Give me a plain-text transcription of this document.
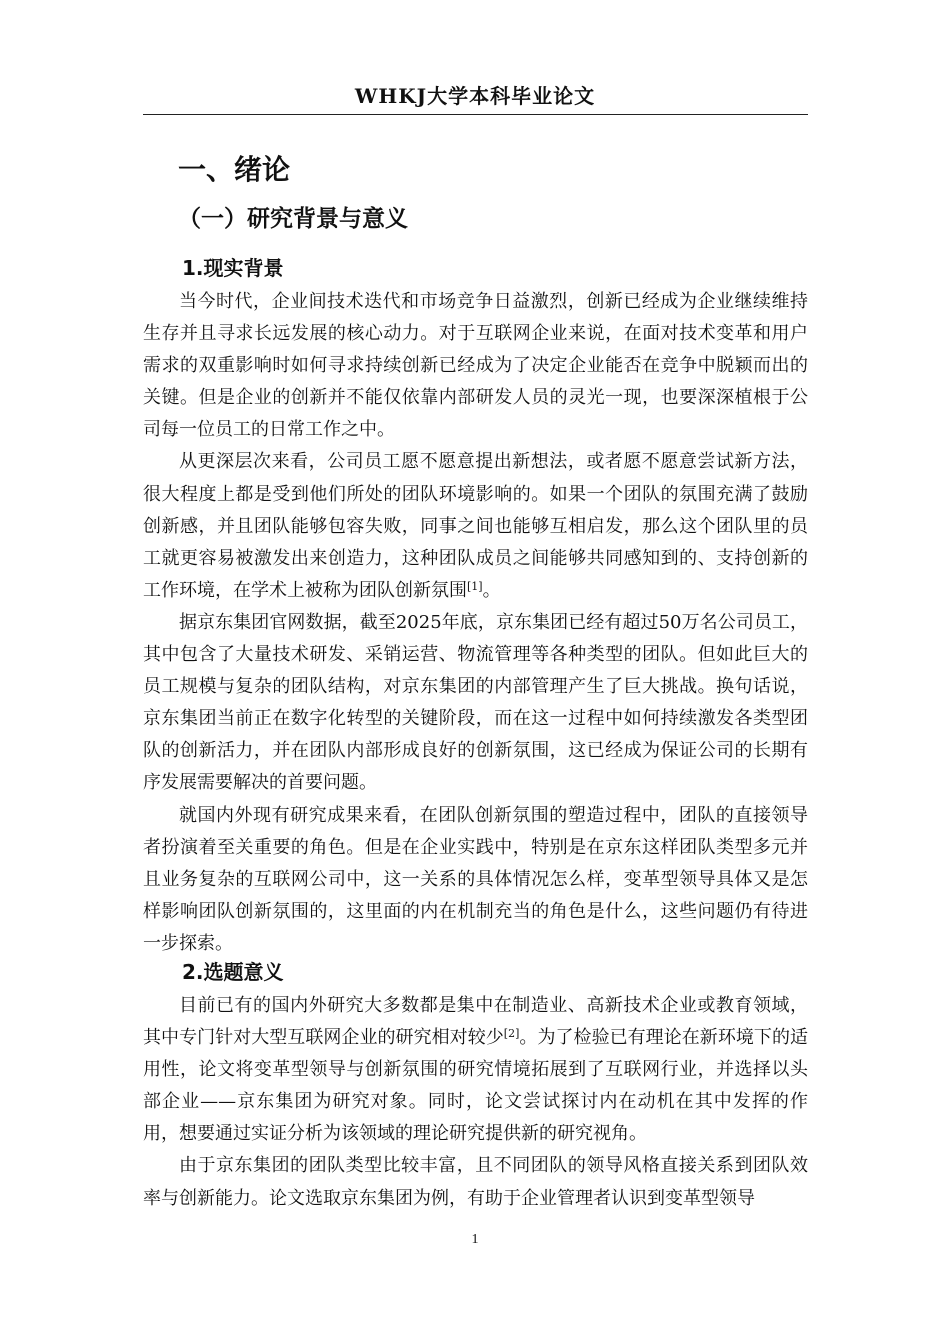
WHKJ大学本科毕业论文
一、绪论
（一）研究背景与意义
1.现实背景

当今时代，企业间技术迭代和市场竞争日益激烈，创新已经成为企业继续维持生存并且寻求长远发展的核心动力。对于互联网企业来说，在面对技术变革和用户需求的双重影响时如何寻求持续创新已经成为了决定企业能否在竞争中脱颖而出的关键。但是企业的创新并不能仅依靠内部研发人员的灵光一现，也要深深植根于公司每一位员工的日常工作之中。

从更深层次来看，公司员工愿不愿意提出新想法，或者愿不愿意尝试新方法，很大程度上都是受到他们所处的团队环境影响的。如果一个团队的氛围充满了鼓励创新感，并且团队能够包容失败，同事之间也能够互相启发，那么这个团队里的员工就更容易被激发出来创造力，这种团队成员之间能够共同感知到的、支持创新的工作环境，在学术上被称为团队创新氛围[1]。

据京东集团官网数据，截至2025年底，京东集团已经有超过50万名公司员工，其中包含了大量技术研发、采销运营、物流管理等各种类型的团队。但如此巨大的员工规模与复杂的团队结构，对京东集团的内部管理产生了巨大挑战。换句话说，京东集团当前正在数字化转型的关键阶段，而在这一过程中如何持续激发各类型团队的创新活力，并在团队内部形成良好的创新氛围，这已经成为保证公司的长期有序发展需要解决的首要问题。

就国内外现有研究成果来看，在团队创新氛围的塑造过程中，团队的直接领导者扮演着至关重要的角色。但是在企业实践中，特别是在京东这样团队类型多元并且业务复杂的互联网公司中，这一关系的具体情况怎么样，变革型领导具体又是怎样影响团队创新氛围的，这里面的内在机制充当的角色是什么，这些问题仍有待进一步探索。

2.选题意义

目前已有的国内外研究大多数都是集中在制造业、高新技术企业或教育领域，其中专门针对大型互联网企业的研究相对较少[2]。为了检验已有理论在新环境下的适用性，论文将变革型领导与创新氛围的研究情境拓展到了互联网行业，并选择以头部企业——京东集团为研究对象。同时，论文尝试探讨内在动机在其中发挥的作用，想要通过实证分析为该领域的理论研究提供新的研究视角。

由于京东集团的团队类型比较丰富，且不同团队的领导风格直接关系到团队效率与创新能力。论文选取京东集团为例，有助于企业管理者认识到变革型领导

1
